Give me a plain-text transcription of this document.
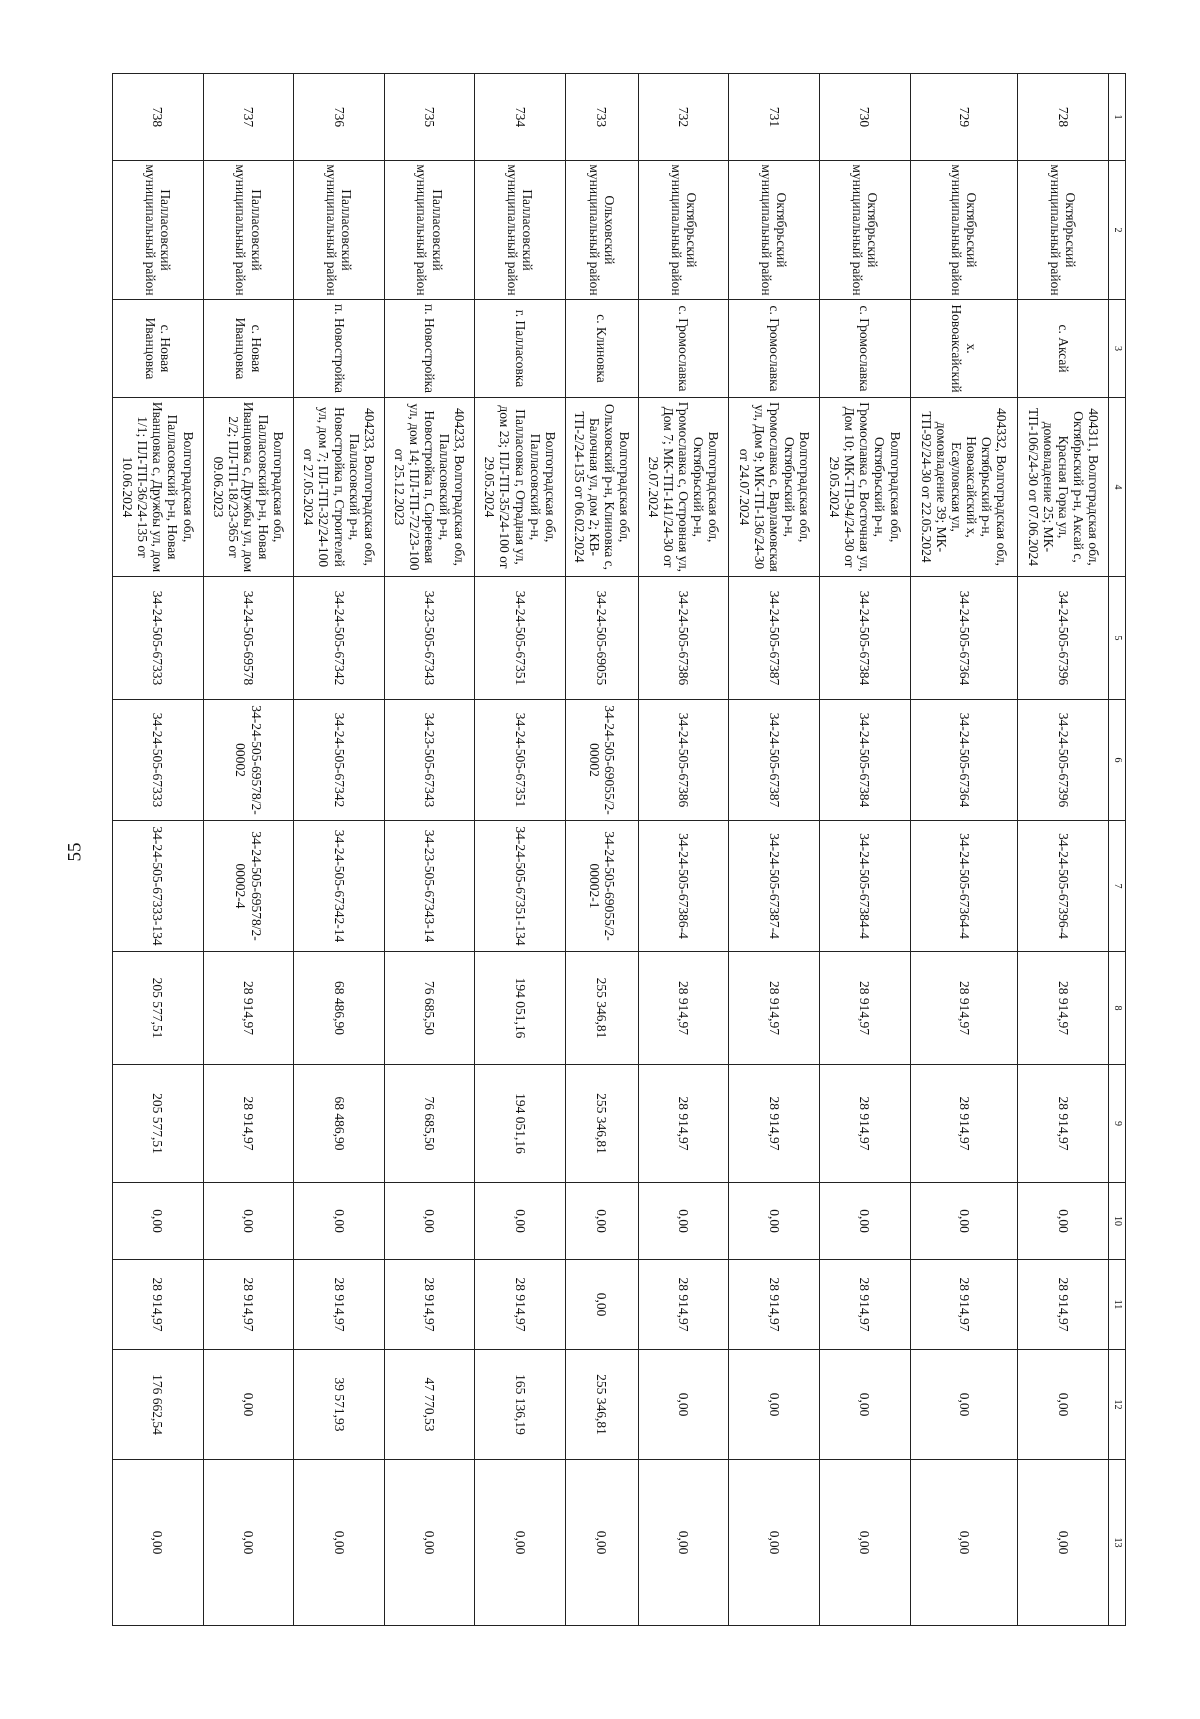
55
1	2	3	4	5	6	7	8	9	10	11	12	13
728	Октябрьский муниципальный район	с. Аксай	404311, Волгоградская обл, Октябрьский р-н, Аксай с, Красная Горка ул, домовладение 25; МК-ТП-106/24-30 от 07.06.2024	34-24-505-67396	34-24-505-67396	34-24-505-67396-4	28 914,97	28 914,97	0,00	28 914,97	0,00	0,00
729	Октябрьский муниципальный район	х. Новоаксайский	404332, Волгоградская обл, Октябрьский р-н, Новоаксайский х, Есауловская ул, домовладение 39; МК-ТП-92/24-30 от 22.05.2024	34-24-505-67364	34-24-505-67364	34-24-505-67364-4	28 914,97	28 914,97	0,00	28 914,97	0,00	0,00
730	Октябрьский муниципальный район	с. Громославка	Волгоградская обл, Октябрьский р-н, Громославка с, Восточная ул, Дом 10; МК-ТП-94/24-30 от 29.05.2024	34-24-505-67384	34-24-505-67384	34-24-505-67384-4	28 914,97	28 914,97	0,00	28 914,97	0,00	0,00
731	Октябрьский муниципальный район	с. Громославка	Волгоградская обл, Октябрьский р-н, Громославка с, Варламовская ул, Дом 9; МК-ТП-136/24-30 от 24.07.2024	34-24-505-67387	34-24-505-67387	34-24-505-67387-4	28 914,97	28 914,97	0,00	28 914,97	0,00	0,00
732	Октябрьский муниципальный район	с. Громославка	Волгоградская обл, Октябрьский р-н, Громославка с, Островная ул, Дом 7; МК-ТП-141/24-30 от 29.07.2024	34-24-505-67386	34-24-505-67386	34-24-505-67386-4	28 914,97	28 914,97	0,00	28 914,97	0,00	0,00
733	Ольховский муниципальный район	с. Клиновка	Волгоградская обл, Ольховский р-н, Клиновка с, Балочная ул, дом 2; КВ-ТП-2/24-135 от 06.02.2024	34-24-505-69055	34-24-505-69055/2-00002	34-24-505-69055/2-00002-1	255 346,81	255 346,81	0,00	0,00	255 346,81	0,00
734	Палласовский муниципальный район	г. Палласовка	Волгоградская обл, Палласовский р-н, Палласовка г, Отрадная ул, дом 23; ПЛ-ТП-35/24-100 от 29.05.2024	34-24-505-67351	34-24-505-67351	34-24-505-67351-134	194 051,16	194 051,16	0,00	28 914,97	165 136,19	0,00
735	Палласовский муниципальный район	п. Новостройка	404233, Волгоградская обл, Палласовский р-н, Новостройка п, Сиреневая ул, дом 14; ПЛ-ТП-72/23-100 от 25.12.2023	34-23-505-67343	34-23-505-67343	34-23-505-67343-14	76 685,50	76 685,50	0,00	28 914,97	47 770,53	0,00
736	Палласовский муниципальный район	п. Новостройка	404233, Волгоградская обл, Палласовский р-н, Новостройка п, Строителей ул, дом 7; ПЛ-ТП-32/24-100 от 27.05.2024	34-24-505-67342	34-24-505-67342	34-24-505-67342-14	68 486,90	68 486,90	0,00	28 914,97	39 571,93	0,00
737	Палласовский муниципальный район	с. Новая Иванцовка	Волгоградская обл, Палласовский р-н, Новая Иванцовка с, Дружбы ул, дом 2/2; ПЛ-ТП-18/23-365 от 09.06.2023	34-24-505-69578	34-24-505-69578/2-00002	34-24-505-69578/2-00002-4	28 914,97	28 914,97	0,00	28 914,97	0,00	0,00
738	Палласовский муниципальный район	с. Новая Иванцовка	Волгоградская обл, Палласовский р-н, Новая Иванцовка с, Дружбы ул, дом 1/1; ПЛ-ТП-36/24-135 от 10.06.2024	34-24-505-67333	34-24-505-67333	34-24-505-67333-134	205 577,51	205 577,51	0,00	28 914,97	176 662,54	0,00
